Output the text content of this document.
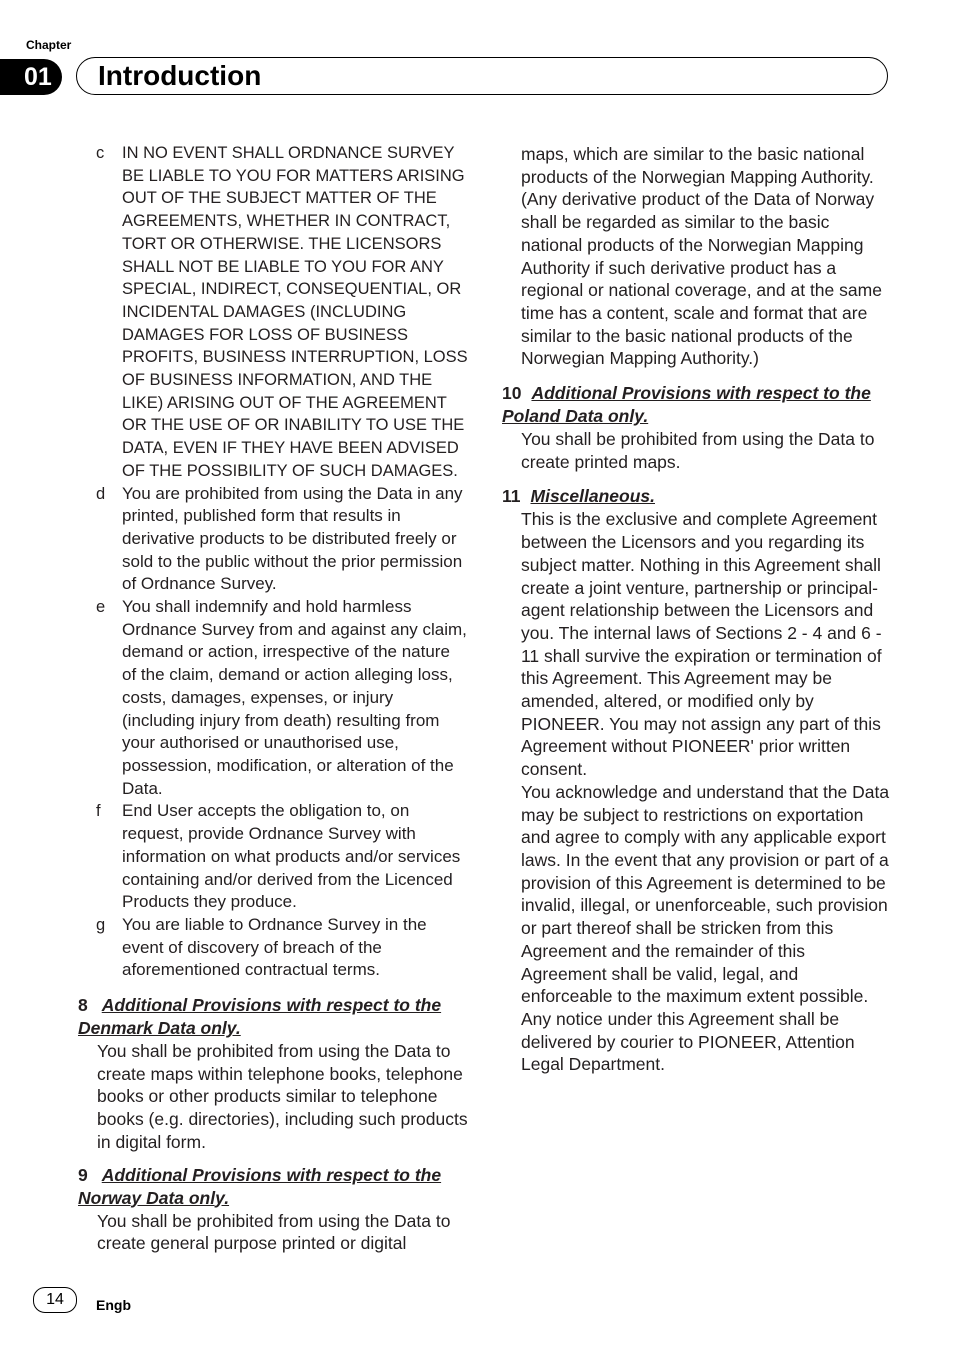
Chapter
01	Introduction

c IN NO EVENT SHALL ORDNANCE SURVEY BE LIABLE TO YOU FOR MATTERS ARISING OUT OF THE SUBJECT MATTER OF THE AGREEMENTS, WHETHER IN CONTRACT, TORT OR OTHERWISE. THE LICENSORS SHALL NOT BE LIABLE TO YOU FOR ANY SPECIAL, INDIRECT, CONSEQUENTIAL, OR INCIDENTAL DAMAGES (INCLUDING DAMAGES FOR LOSS OF BUSINESS PROFITS, BUSINESS INTERRUPTION, LOSS OF BUSINESS INFORMATION, AND THE LIKE) ARISING OUT OF THE AGREEMENT OR THE USE OF OR INABILITY TO USE THE DATA, EVEN IF THEY HAVE BEEN ADVISED OF THE POSSIBILITY OF SUCH DAMAGES.

d You are prohibited from using the Data in any printed, published form that results in derivative products to be distributed freely or sold to the public without the prior permission of Ordnance Survey.

e You shall indemnify and hold harmless Ordnance Survey from and against any claim, demand or action, irrespective of the nature of the claim, demand or action alleging loss, costs, damages, expenses, or injury (including injury from death) resulting from your authorised or unauthorised use, possession, modification, or alteration of the Data.

f End User accepts the obligation to, on request, provide Ordnance Survey with information on what products and/or services containing and/or derived from the Licenced Products they produce.

g You are liable to Ordnance Survey in the event of discovery of breach of the aforementioned contractual terms.

8 Additional Provisions with respect to the Denmark Data only.

You shall be prohibited from using the Data to create maps within telephone books, telephone books or other products similar to telephone books (e.g. directories), including such products in digital form.

9 Additional Provisions with respect to the Norway Data only.

You shall be prohibited from using the Data to create general purpose printed or digital

maps, which are similar to the basic national products of the Norwegian Mapping Authority. (Any derivative product of the Data of Norway shall be regarded as similar to the basic national products of the Norwegian Mapping Authority if such derivative product has a regional or national coverage, and at the same time has a content, scale and format that are similar to the basic national products of the Norwegian Mapping Authority.)

10 Additional Provisions with respect to the Poland Data only.

You shall be prohibited from using the Data to create printed maps.

11 Miscellaneous.

This is the exclusive and complete Agreement between the Licensors and you regarding its subject matter. Nothing in this Agreement shall create a joint venture, partnership or principal-agent relationship between the Licensors and you. The internal laws of Sections 2 - 4 and 6 - 11 shall survive the expiration or termination of this Agreement. This Agreement may be amended, altered, or modified only by PIONEER. You may not assign any part of this Agreement without PIONEER' prior written consent.

You acknowledge and understand that the Data may be subject to restrictions on exportation and agree to comply with any applicable export laws. In the event that any provision or part of a provision of this Agreement is determined to be invalid, illegal, or unenforceable, such provision or part thereof shall be stricken from this Agreement and the remainder of this Agreement shall be valid, legal, and enforceable to the maximum extent possible. Any notice under this Agreement shall be delivered by courier to PIONEER, Attention Legal Department.

14	Engb
